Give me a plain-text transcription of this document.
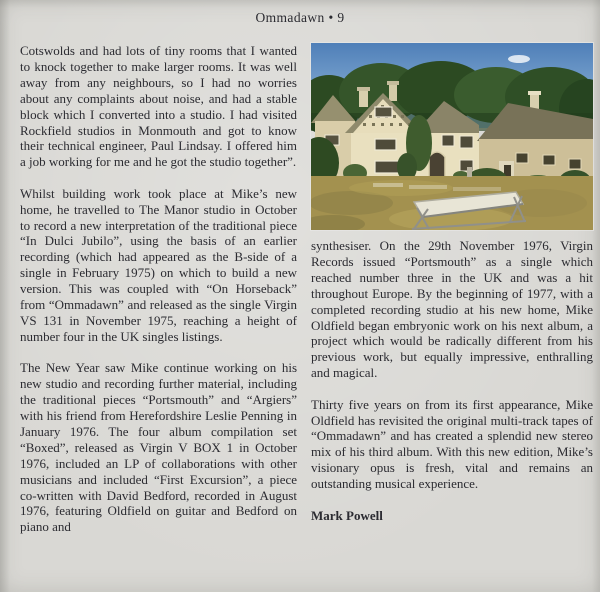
Ommadawn • 9

Cotswolds and had lots of tiny rooms that I wanted to knock together to make larger rooms. It was well away from any neighbours, so I had no worries about any complaints about noise, and had a stable block which I converted into a studio. I had visited Rockfield studios in Monmouth and got to know their technical engineer, Paul Lindsay. I offered him a job working for me and he got the studio together”.

Whilst building work took place at Mike’s new home, he travelled to The Manor studio in October to record a new interpretation of the traditional piece “In Dulci Jubilo”, using the basis of an earlier recording (which had appeared as the B-side of a single in February 1975) on which to build a new version. This was coupled with “On Horseback” from “Ommadawn” and released as the single Virgin VS 131 in November 1975, reaching a height of number four in the UK singles listings.

The New Year saw Mike continue working on his new studio and recording further material, including the traditional pieces “Portsmouth” and “Argiers” with his friend from Herefordshire Leslie Penning in January 1976. The four album compilation set “Boxed”, released as Virgin V BOX 1 in October 1976, included an LP of collaborations with other musicians and included “First Excursion”, a piece co-written with David Bedford, recorded in August 1976, featuring Oldfield on guitar and Bedford on piano and

synthesiser. On the 29th November 1976, Virgin Records issued “Portsmouth” as a single which reached number three in the UK and was a hit throughout Europe. By the beginning of 1977, with a completed recording studio at his new home, Mike Oldfield began embryonic work on his next album, a project which would be radically different from his previous work, but equally impressive, enthralling and magical.

Thirty five years on from its first appearance, Mike Oldfield has revisited the original multi-track tapes of “Ommadawn” and has created a splendid new stereo mix of his third album. With this new edition, Mike’s visionary opus is fresh, vital and remains an outstanding musical experience.

Mark Powell
